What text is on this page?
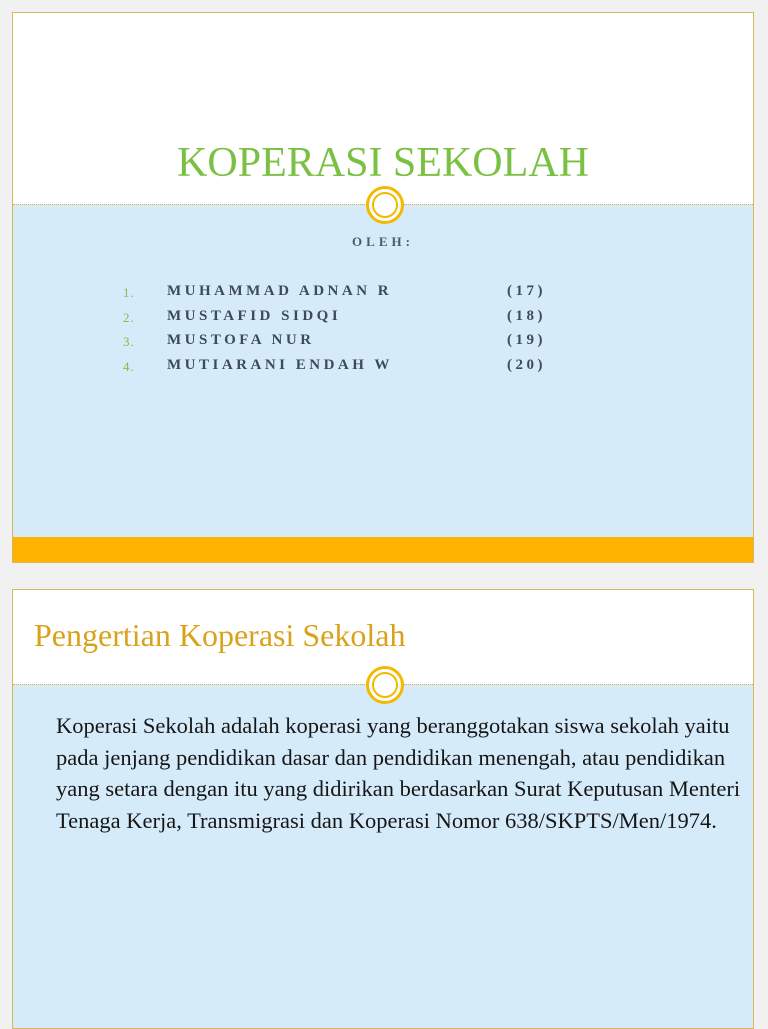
KOPERASI SEKOLAH
OLEH:
1. MUHAMMAD ADNAN R	(17)
2. MUSTAFID SIDQI	(18)
3. MUSTOFA NUR	(19)
4. MUTIARANI ENDAH W	(20)
Pengertian Koperasi Sekolah
Koperasi Sekolah adalah koperasi yang beranggotakan siswa sekolah yaitu pada jenjang pendidikan dasar dan pendidikan menengah, atau pendidikan yang setara dengan itu yang didirikan berdasarkan Surat Keputusan Menteri Tenaga Kerja, Transmigrasi dan Koperasi Nomor 638/SKPTS/Men/1974.
